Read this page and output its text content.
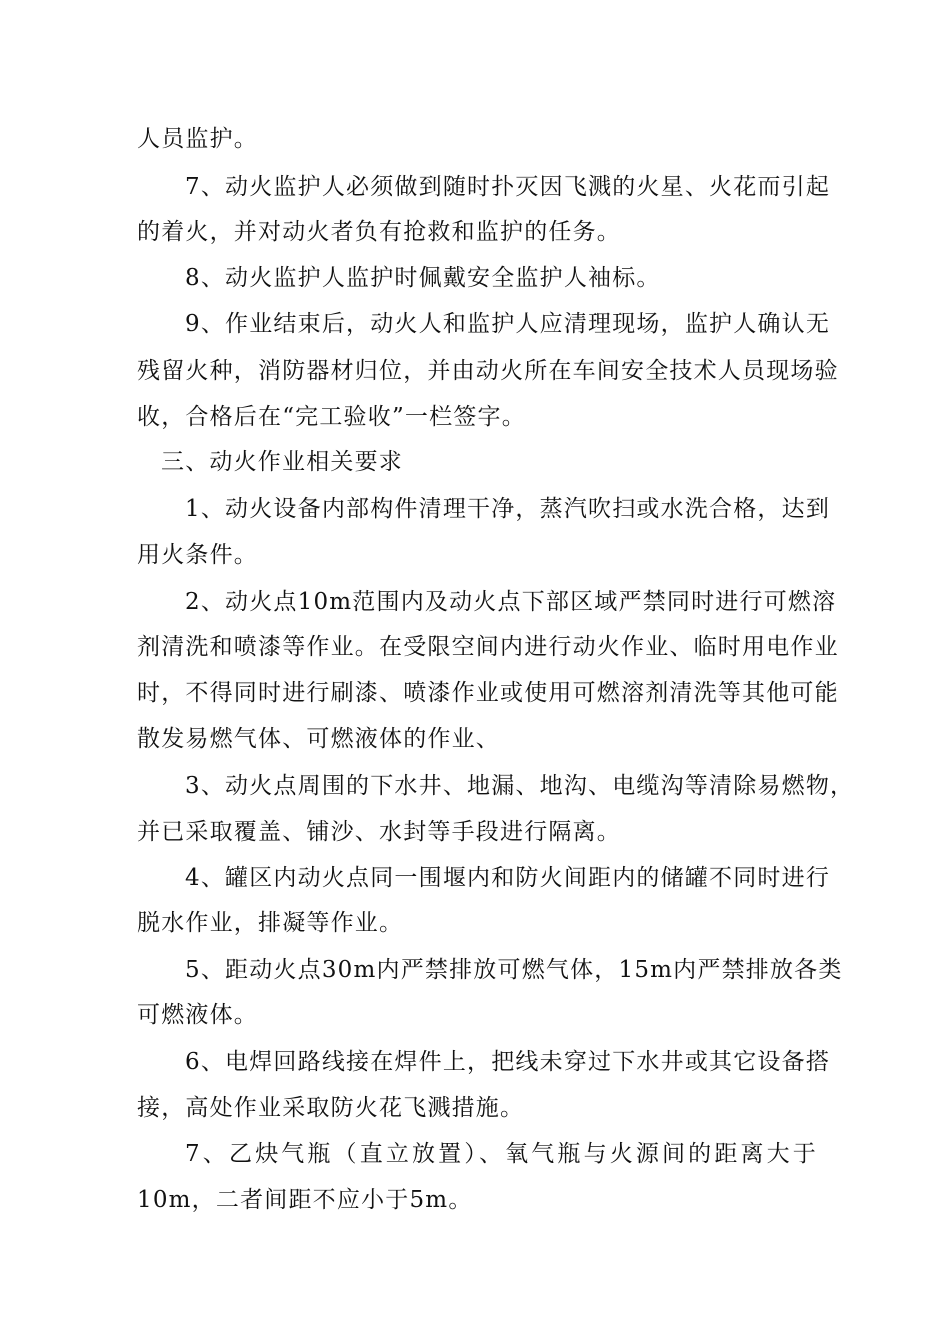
人员监护。
7、动火监护人必须做到随时扑灭因飞溅的火星、火花而引起
的着火，并对动火者负有抢救和监护的任务。
8、动火监护人监护时佩戴安全监护人袖标。
9、作业结束后，动火人和监护人应清理现场，监护人确认无
残留火种，消防器材归位，并由动火所在车间安全技术人员现场验
收，合格后在“完工验收”一栏签字。
三、动火作业相关要求
1、动火设备内部构件清理干净，蒸汽吹扫或水洗合格，达到
用火条件。
2、动火点10m范围内及动火点下部区域严禁同时进行可燃溶
剂清洗和喷漆等作业。在受限空间内进行动火作业、临时用电作业
时，不得同时进行刷漆、喷漆作业或使用可燃溶剂清洗等其他可能
散发易燃气体、可燃液体的作业、
3、动火点周围的下水井、地漏、地沟、电缆沟等清除易燃物，
并已采取覆盖、铺沙、水封等手段进行隔离。
4、罐区内动火点同一围堰内和防火间距内的储罐不同时进行
脱水作业，排凝等作业。
5、距动火点30m内严禁排放可燃气体，15m内严禁排放各类
可燃液体。
6、电焊回路线接在焊件上，把线未穿过下水井或其它设备搭
接，高处作业采取防火花飞溅措施。
7、乙炔气瓶（直立放置）、氧气瓶与火源间的距离大于
10m，二者间距不应小于5m。
